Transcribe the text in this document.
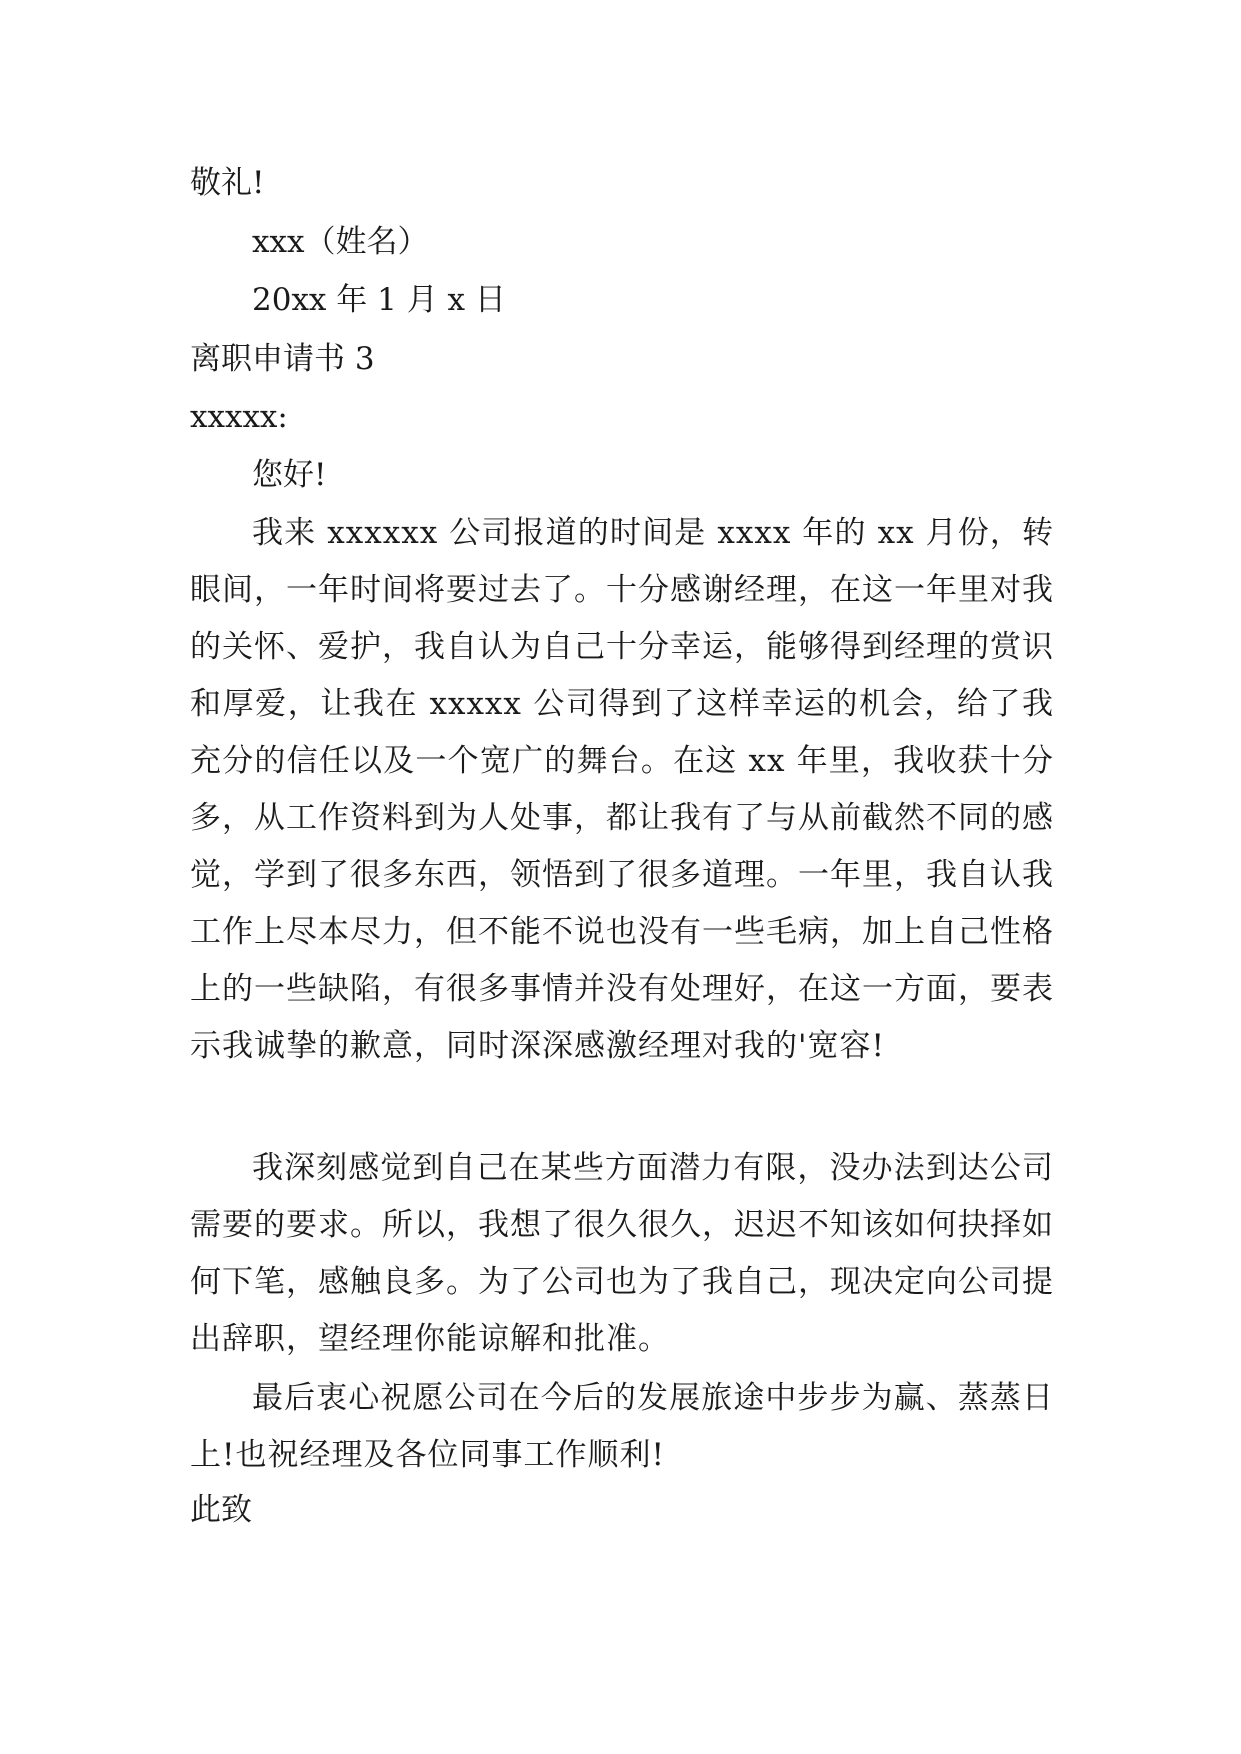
敬礼!
xxx（姓名）
20xx 年 1 月 x 日
离职申请书 3
xxxxx:
您好!
我来 xxxxxx 公司报道的时间是 xxxx 年的 xx 月份，转眼间，一年时间将要过去了。十分感谢经理，在这一年里对我的关怀、爱护，我自认为自己十分幸运，能够得到经理的赏识和厚爱，让我在 xxxxx 公司得到了这样幸运的机会，给了我充分的信任以及一个宽广的舞台。在这 xx 年里，我收获十分多，从工作资料到为人处事，都让我有了与从前截然不同的感觉，学到了很多东西，领悟到了很多道理。一年里，我自认我工作上尽本尽力，但不能不说也没有一些毛病，加上自己性格上的一些缺陷，有很多事情并没有处理好，在这一方面，要表示我诚挚的歉意，同时深深感激经理对我的'宽容!
我深刻感觉到自己在某些方面潜力有限，没办法到达公司需要的要求。所以，我想了很久很久，迟迟不知该如何抉择如何下笔，感触良多。为了公司也为了我自己，现决定向公司提出辞职，望经理你能谅解和批准。
最后衷心祝愿公司在今后的发展旅途中步步为赢、蒸蒸日上!也祝经理及各位同事工作顺利!
此致
